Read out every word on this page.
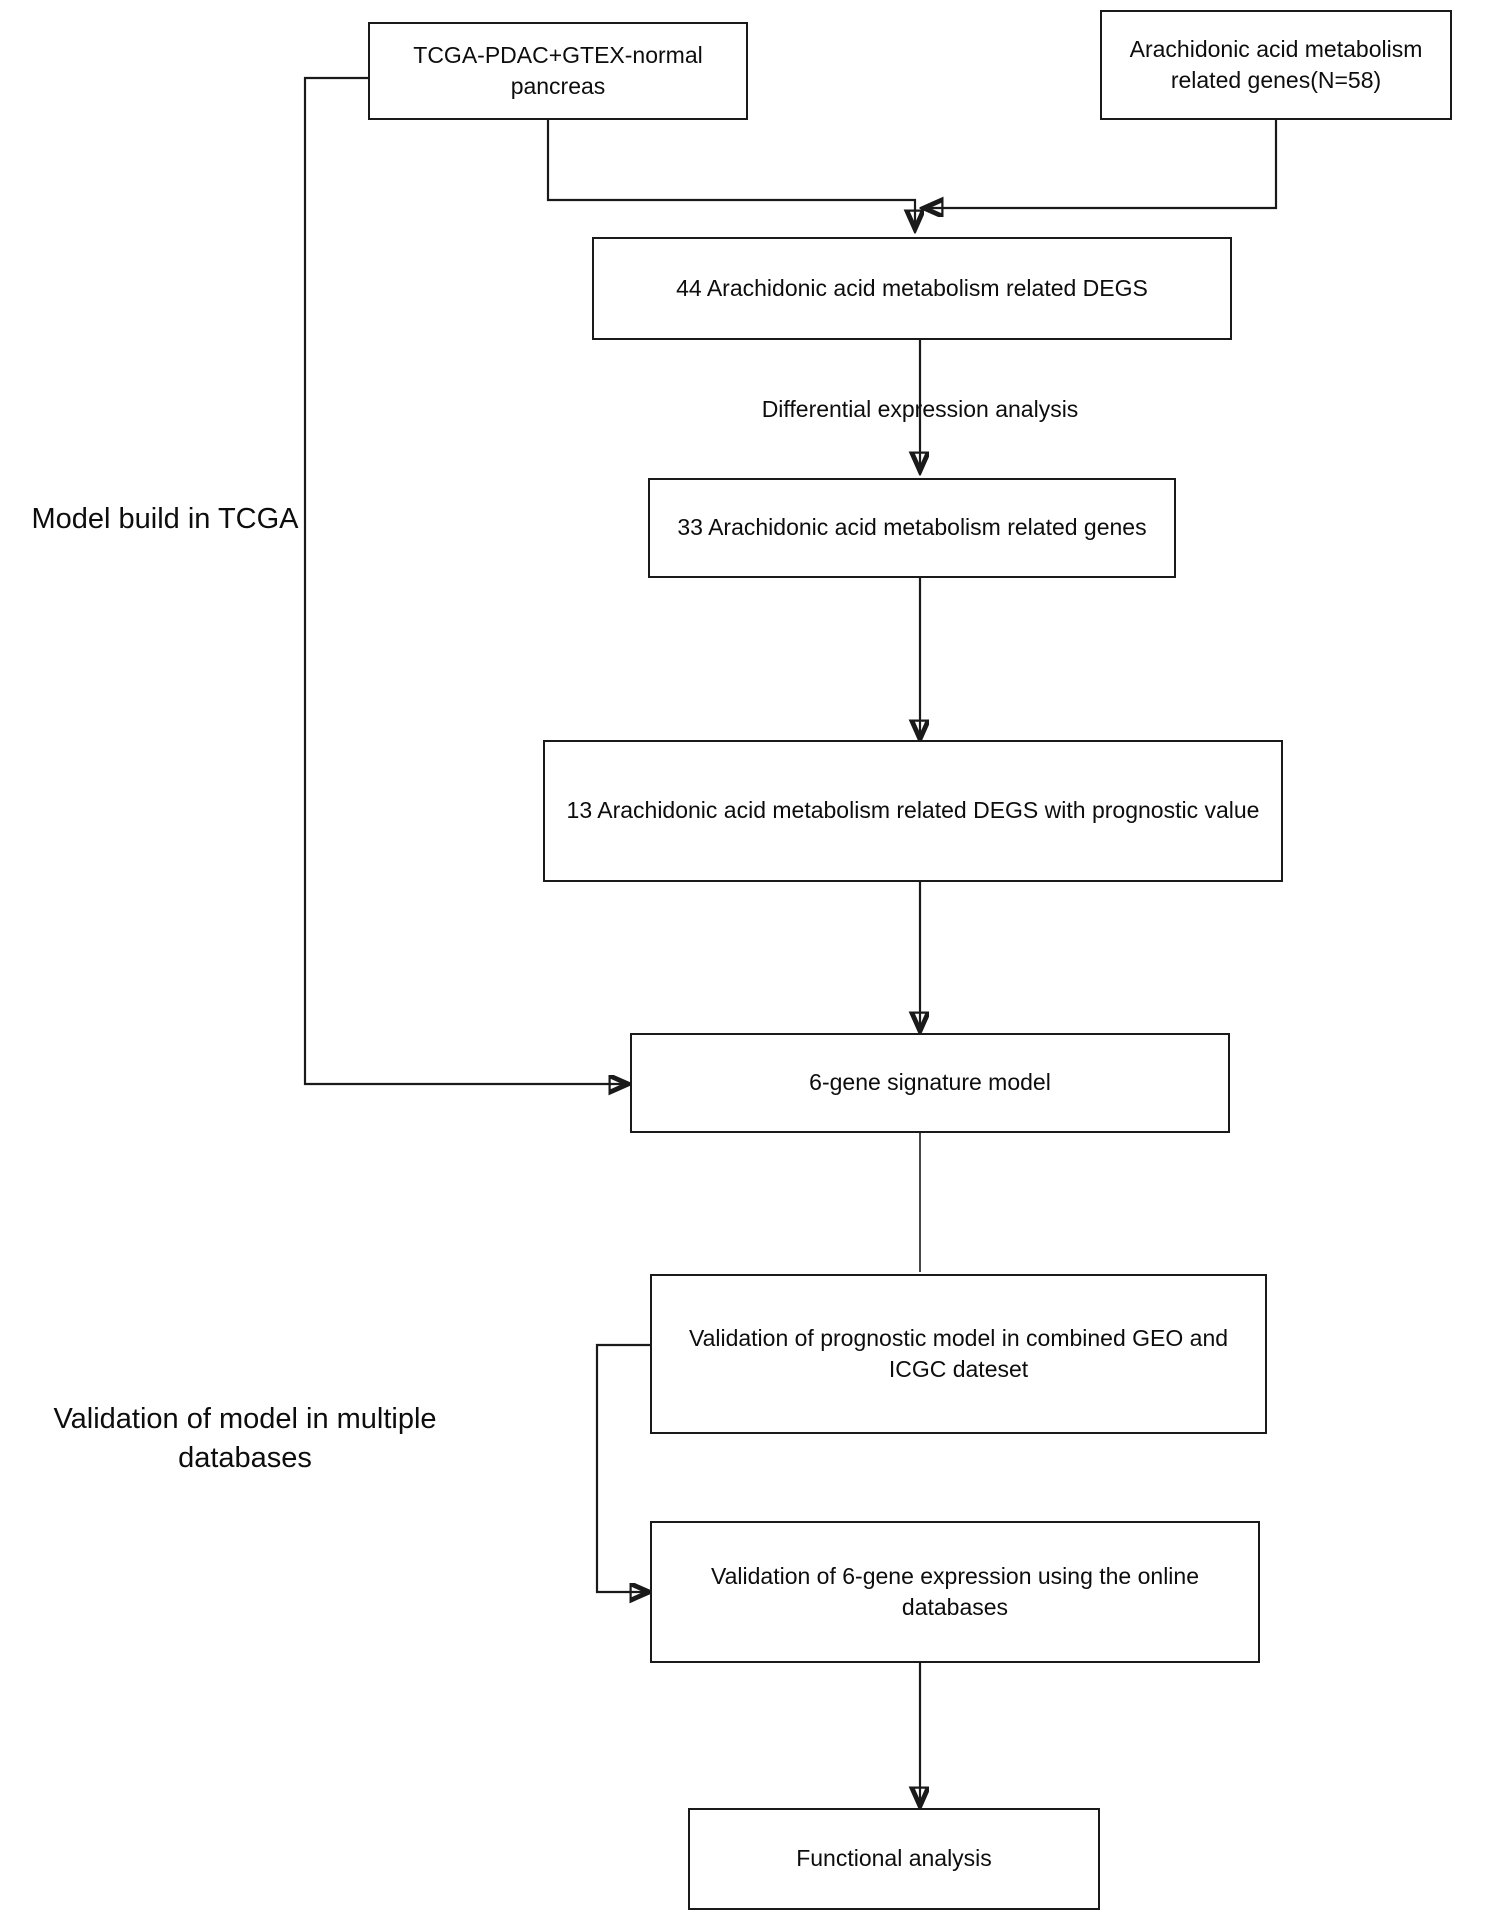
TCGA-PDAC+GTEX-normal pancreas
Arachidonic acid metabolism related genes(N=58)
44 Arachidonic acid metabolism related DEGS
33 Arachidonic acid metabolism related genes
13 Arachidonic acid metabolism related DEGS with prognostic value
6-gene signature model
Validation of prognostic model in combined GEO and ICGC dateset
Validation of 6-gene expression using the online databases
Functional analysis
Differential expression analysis
Model build in TCGA
Validation of model in multiple databases
